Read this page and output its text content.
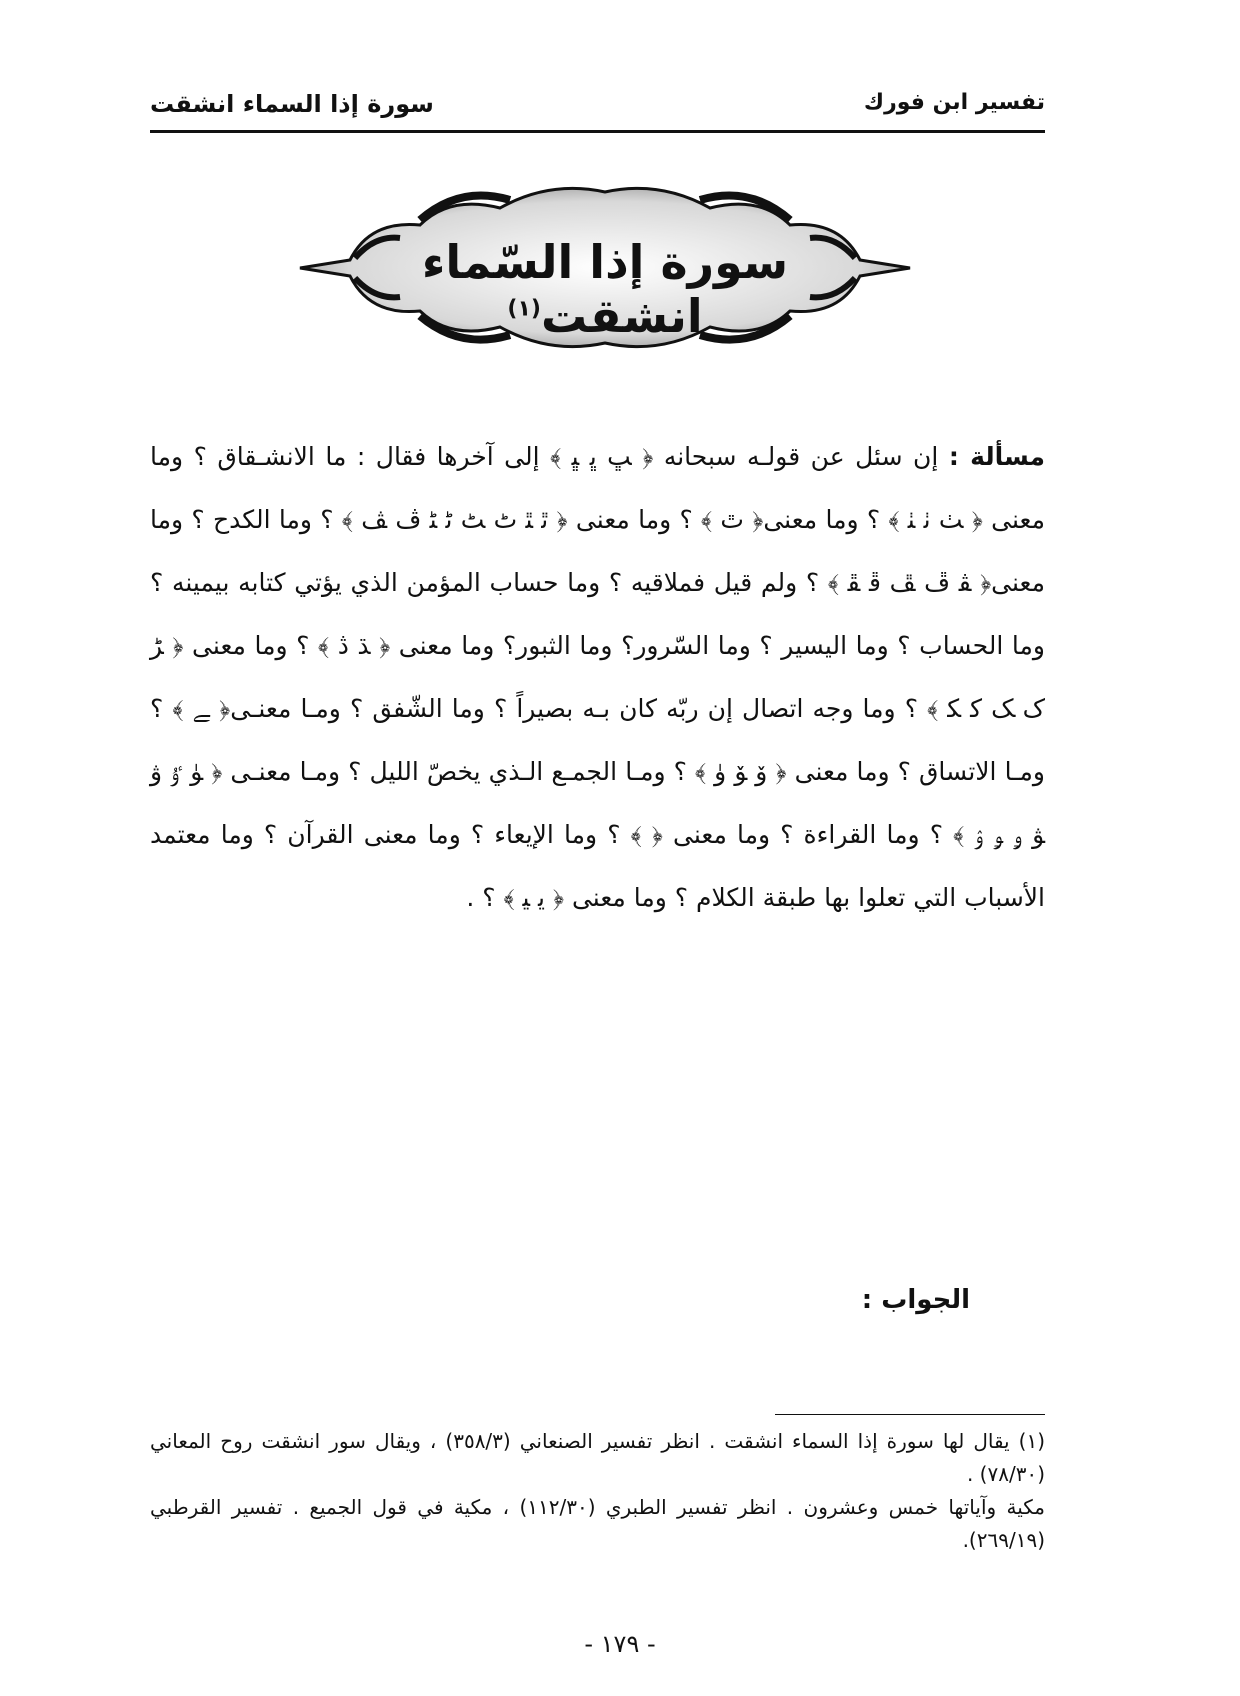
تفسير ابن فورك
سورة إذا السماء انشقت
سورة إذا السّماء انشقت$^{(١)}$
مسألة : إن سئل عن قولـه سبحانه ﴿ ﭛ ﭜ ﭝ ﴾ إلى آخرها فقال : ما الانشـقاق ؟ وما معنى ﴿ ﭟ ﭠ ﭡ ﴾ ؟ وما معنى﴿ ﭢ ﴾ ؟ وما معنى ﴿ ﭤ ﭥ ﭦ ﭧ ﭨ ﭩ ﭪ ﭫ ﴾ ؟ وما الكدح ؟ وما معنى﴿ ﭭ ﭮ ﭯ ﭰ ﭱ ﴾ ؟ ولم قيل فملاقيه ؟ وما حساب المؤمن الذي يؤتي كتابه بيمينه ؟ وما الحساب ؟ وما اليسير ؟ وما السّرور؟ وما الثبور؟ وما معنى ﴿ ﮅ ﮆ ﴾ ؟ وما معنى ﴿ ﮍ ﮎ ﮏ ﮐ ﮑ ﴾ ؟ وما وجه اتصال إن ربّه كان بـه بصيراً ؟ وما الشّفق ؟ ومـا معنـى﴿ ﮯ ﴾ ؟ ومـا الاتساق ؟ وما معنى ﴿ ﯙ ﯚ ﯛ ﴾ ؟ ومـا الجمـع الـذي يخصّ الليل ؟ ومـا معنـى ﴿ ﯜ ﯝ ﯞ ﯟ ﯠ ﯡ ﯢ ﴾ ؟ وما القراءة ؟ وما معنى ﴿ ﴾ ؟ وما الإيعاء ؟ وما معنى القرآن ؟ وما معتمد الأسباب التي تعلوا بها طبقة الكلام ؟ وما معنى ﴿ ﯾ ﯿ ﴾ ؟ .
الجواب :

(١) يقال لها سورة إذا السماء انشقت . انظر تفسير الصنعاني (٣٥٨/٣) ، ويقال سور انشقت روح المعاني (٧٨/٣٠) .

مكية وآياتها خمس وعشرون . انظر تفسير الطبري (١١٢/٣٠) ، مكية في قول الجميع . تفسير القرطبي (٢٦٩/١٩).

- ١٧٩ -
